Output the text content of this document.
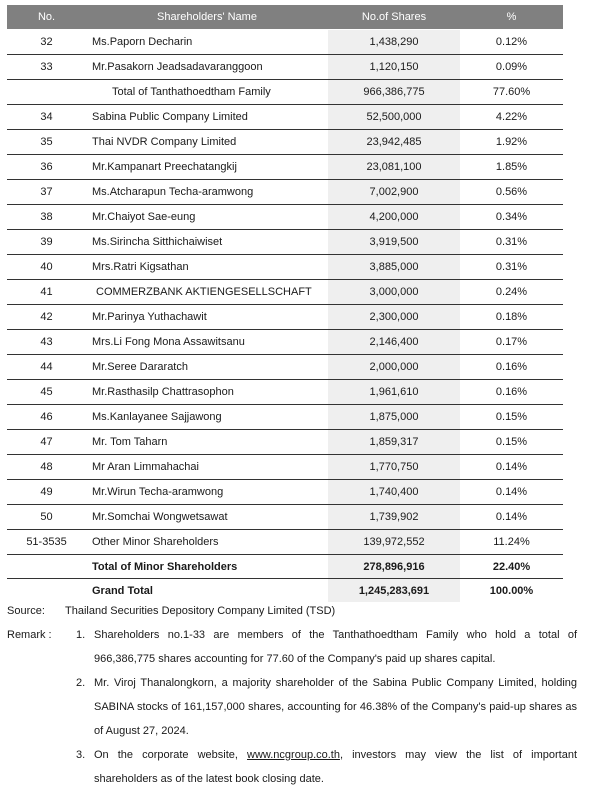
No.	Shareholders' Name	No.of Shares	%
32	Ms.Paporn Decharin	1,438,290	0.12%
33	Mr.Pasakorn Jeadsadavaranggoon	1,120,150	0.09%
	Total of Tanthathoedtham Family	966,386,775	77.60%
34	Sabina Public Company Limited	52,500,000	4.22%
35	Thai NVDR Company Limited	23,942,485	1.92%
36	Mr.Kampanart Preechatangkij	23,081,100	1.85%
37	Ms.Atcharapun Techa-aramwong	7,002,900	0.56%
38	Mr.Chaiyot Sae-eung	4,200,000	0.34%
39	Ms.Sirincha Sitthichaiwiset	3,919,500	0.31%
40	Mrs.Ratri Kigsathan	3,885,000	0.31%
41	COMMERZBANK AKTIENGESELLSCHAFT	3,000,000	0.24%
42	Mr.Parinya Yuthachawit	2,300,000	0.18%
43	Mrs.Li Fong Mona Assawitsanu	2,146,400	0.17%
44	Mr.Seree Dararatch	2,000,000	0.16%
45	Mr.Rasthasilp Chattrasophon	1,961,610	0.16%
46	Ms.Kanlayanee Sajjawong	1,875,000	0.15%
47	Mr. Tom Taharn	1,859,317	0.15%
48	Mr Aran Limmahachai	1,770,750	0.14%
49	Mr.Wirun Techa-aramwong	1,740,400	0.14%
50	Mr.Somchai Wongwetsawat	1,739,902	0.14%
51-3535	Other Minor Shareholders	139,972,552	11.24%
	Total of Minor Shareholders	278,896,916	22.40%
	Grand Total	1,245,283,691	100.00%
Source:	Thailand Securities Depository Company Limited (TSD)
Remark :	1. Shareholders no.1-33 are members of the Tanthathoedtham Family who hold a total of 966,386,775 shares accounting for 77.60 of the Company's paid up shares capital.
2. Mr. Viroj Thanalongkorn, a majority shareholder of the Sabina Public Company Limited, holding SABINA stocks of 161,157,000 shares, accounting for 46.38% of the Company's paid-up shares as of August 27, 2024.
3. On the corporate website, www.ncgroup.co.th, investors may view the list of important shareholders as of the latest book closing date.
